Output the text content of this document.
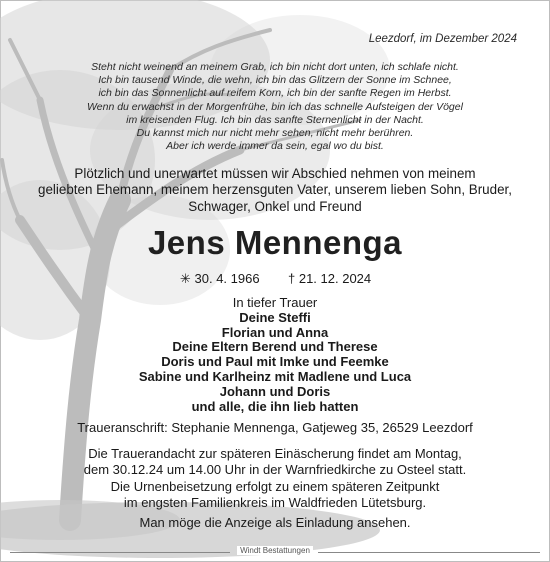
Leezdorf, im Dezember 2024
Steht nicht weinend an meinem Grab, ich bin nicht dort unten, ich schlafe nicht.
Ich bin tausend Winde, die wehn, ich bin das Glitzern der Sonne im Schnee,
ich bin das Sonnenlicht auf reifem Korn, ich bin der sanfte Regen im Herbst.
Wenn du erwachst in der Morgenfrühe, bin ich das schnelle Aufsteigen der Vögel
im kreisenden Flug. Ich bin das sanfte Sternenlicht in der Nacht.
Du kannst mich nur nicht mehr sehen, nicht mehr berühren.
Aber ich werde immer da sein, egal wo du bist.
Plötzlich und unerwartet müssen wir Abschied nehmen von meinem
geliebten Ehemann, meinem herzensguten Vater, unserem lieben Sohn, Bruder,
Schwager, Onkel und Freund
Jens Mennenga
✳ 30. 4. 1966 † 21. 12. 2024
In tiefer Trauer
Deine Steffi
Florian und Anna
Deine Eltern Berend und Therese
Doris und Paul mit Imke und Feemke
Sabine und Karlheinz mit Madlene und Luca
Johann und Doris
und alle, die ihn lieb hatten
Traueranschrift: Stephanie Mennenga, Gatjeweg 35, 26529 Leezdorf
Die Trauerandacht zur späteren Einäscherung findet am Montag,
dem 30.12.24 um 14.00 Uhr in der Warnfriedkirche zu Osteel statt.
Die Urnenbeisetzung erfolgt zu einem späteren Zeitpunkt
im engsten Familienkreis im Waldfrieden Lütetsburg.
Man möge die Anzeige als Einladung ansehen.
Windt Bestattungen
